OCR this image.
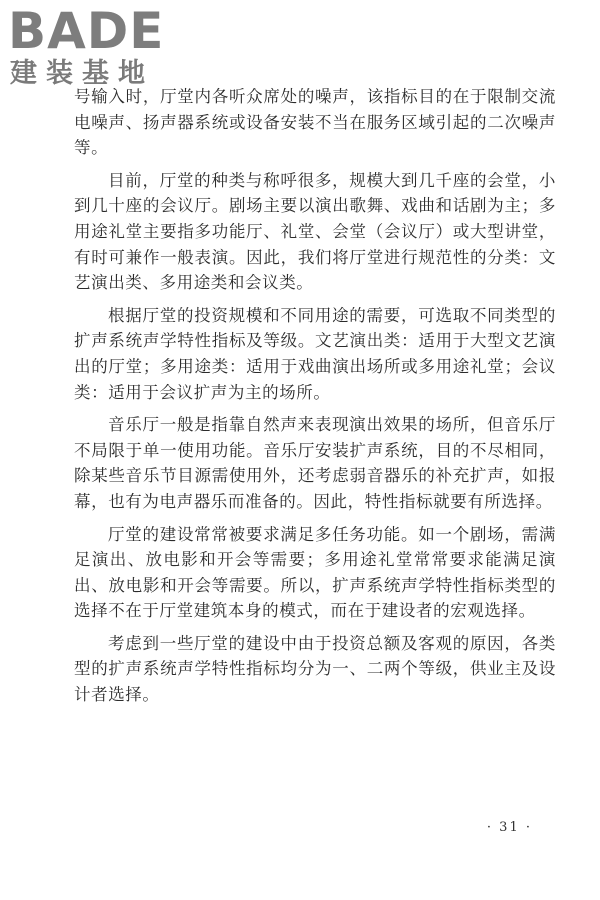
BADE
建装基地

号输入时，厅堂内各听众席处的噪声，该指标目的在于限制交流电噪声、扬声器系统或设备安装不当在服务区域引起的二次噪声等。

目前，厅堂的种类与称呼很多，规模大到几千座的会堂，小到几十座的会议厅。剧场主要以演出歌舞、戏曲和话剧为主；多用途礼堂主要指多功能厅、礼堂、会堂（会议厅）或大型讲堂，有时可兼作一般表演。因此，我们将厅堂进行规范性的分类：文艺演出类、多用途类和会议类。

根据厅堂的投资规模和不同用途的需要，可选取不同类型的扩声系统声学特性指标及等级。文艺演出类：适用于大型文艺演出的厅堂；多用途类：适用于戏曲演出场所或多用途礼堂；会议类：适用于会议扩声为主的场所。

音乐厅一般是指靠自然声来表现演出效果的场所，但音乐厅不局限于单一使用功能。音乐厅安装扩声系统，目的不尽相同，除某些音乐节目源需使用外，还考虑弱音器乐的补充扩声，如报幕，也有为电声器乐而准备的。因此，特性指标就要有所选择。

厅堂的建设常常被要求满足多任务功能。如一个剧场，需满足演出、放电影和开会等需要；多用途礼堂常常要求能满足演出、放电影和开会等需要。所以，扩声系统声学特性指标类型的选择不在于厅堂建筑本身的模式，而在于建设者的宏观选择。

考虑到一些厅堂的建设中由于投资总额及客观的原因，各类型的扩声系统声学特性指标均分为一、二两个等级，供业主及设计者选择。

· 31 ·
